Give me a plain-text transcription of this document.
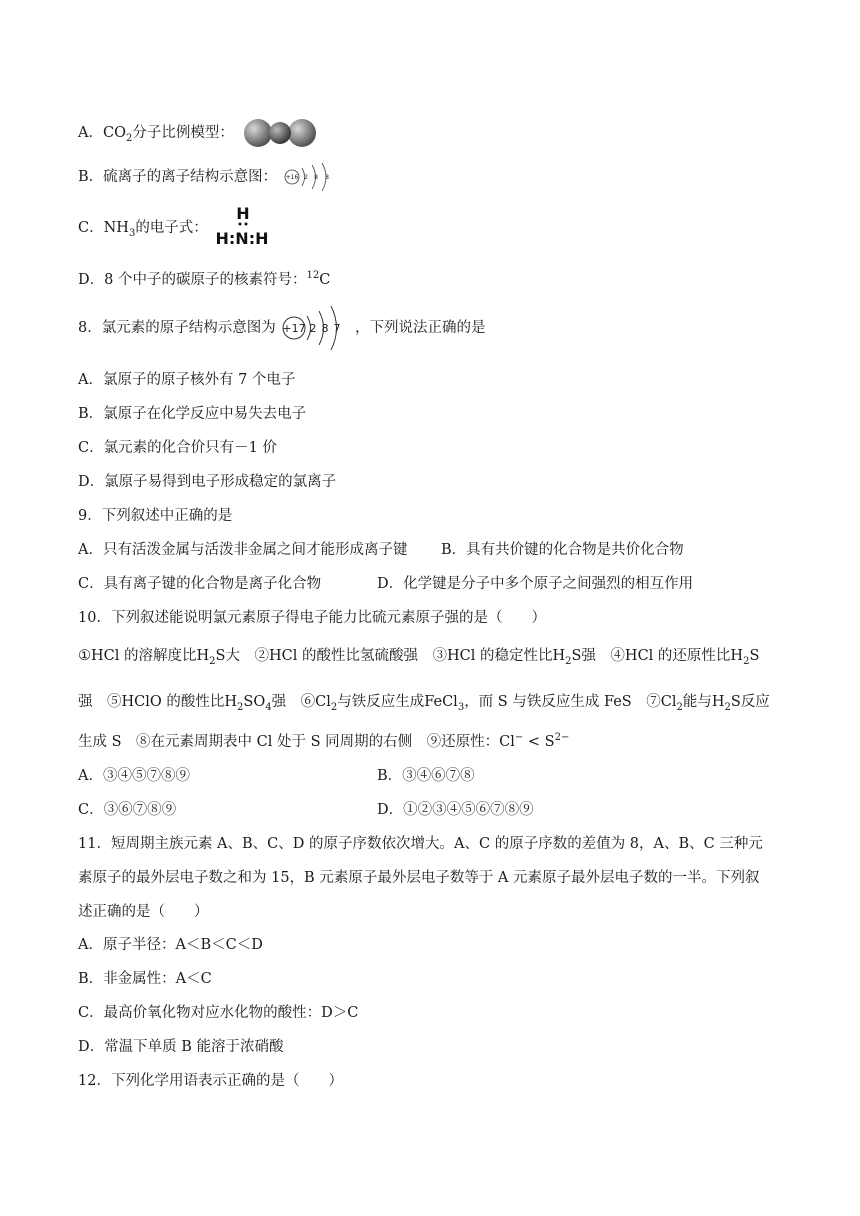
A．$CO_2$分子比例模型：
B．硫离子的离子结构示意图： +16 2 8 8
C．$NH_3$的电子式：
H
H:N:H
D．8 个中子的碳原子的核素符号：$^{12}$C
8．氯元素的原子结构示意图为 +17 2 8 7 ，下列说法正确的是
A．氯原子的原子核外有 7 个电子
B．氯原子在化学反应中易失去电子
C．氯元素的化合价只有－1 价
D．氯原子易得到电子形成稳定的氯离子
9．下列叙述中正确的是
A．只有活泼金属与活泼非金属之间才能形成离子键 B．具有共价键的化合物是共价化合物
C．具有离子键的化合物是离子化合物	D．化学键是分子中多个原子之间强烈的相互作用
10．下列叙述能说明氯元素原子得电子能力比硫元素原子强的是（　　）
①HCl 的溶解度比$H_2S$大　②HCl 的酸性比氢硫酸强　③HCl 的稳定性比$H_2S$强　④HCl 的还原性比$H_2S$
强　⑤HClO 的酸性比$H_2SO_4$强　$⑥Cl_2$与铁反应生成FeCl$_3$，而 S 与铁反应生成 FeS　$⑦Cl_2$能与$H_2S$反应
生成 S　⑧在元素周期表中 Cl 处于 S 同周期的右侧　⑨还原性：$Cl^- < S^{2-}$
A．③④⑤⑦⑧⑨	B．③④⑥⑦⑧
C．③⑥⑦⑧⑨	D．①②③④⑤⑥⑦⑧⑨
11．短周期主族元素 A、B、C、D 的原子序数依次增大。A、C 的原子序数的差值为 8，A、B、C 三种元
素原子的最外层电子数之和为 15，B 元素原子最外层电子数等于 A 元素原子最外层电子数的一半。下列叙
述正确的是（　　）
A．原子半径：A＜B＜C＜D
B．非金属性：A＜C
C．最高价氧化物对应水化物的酸性：D＞C
D．常温下单质 B 能溶于浓硝酸
12．下列化学用语表示正确的是（　　）
